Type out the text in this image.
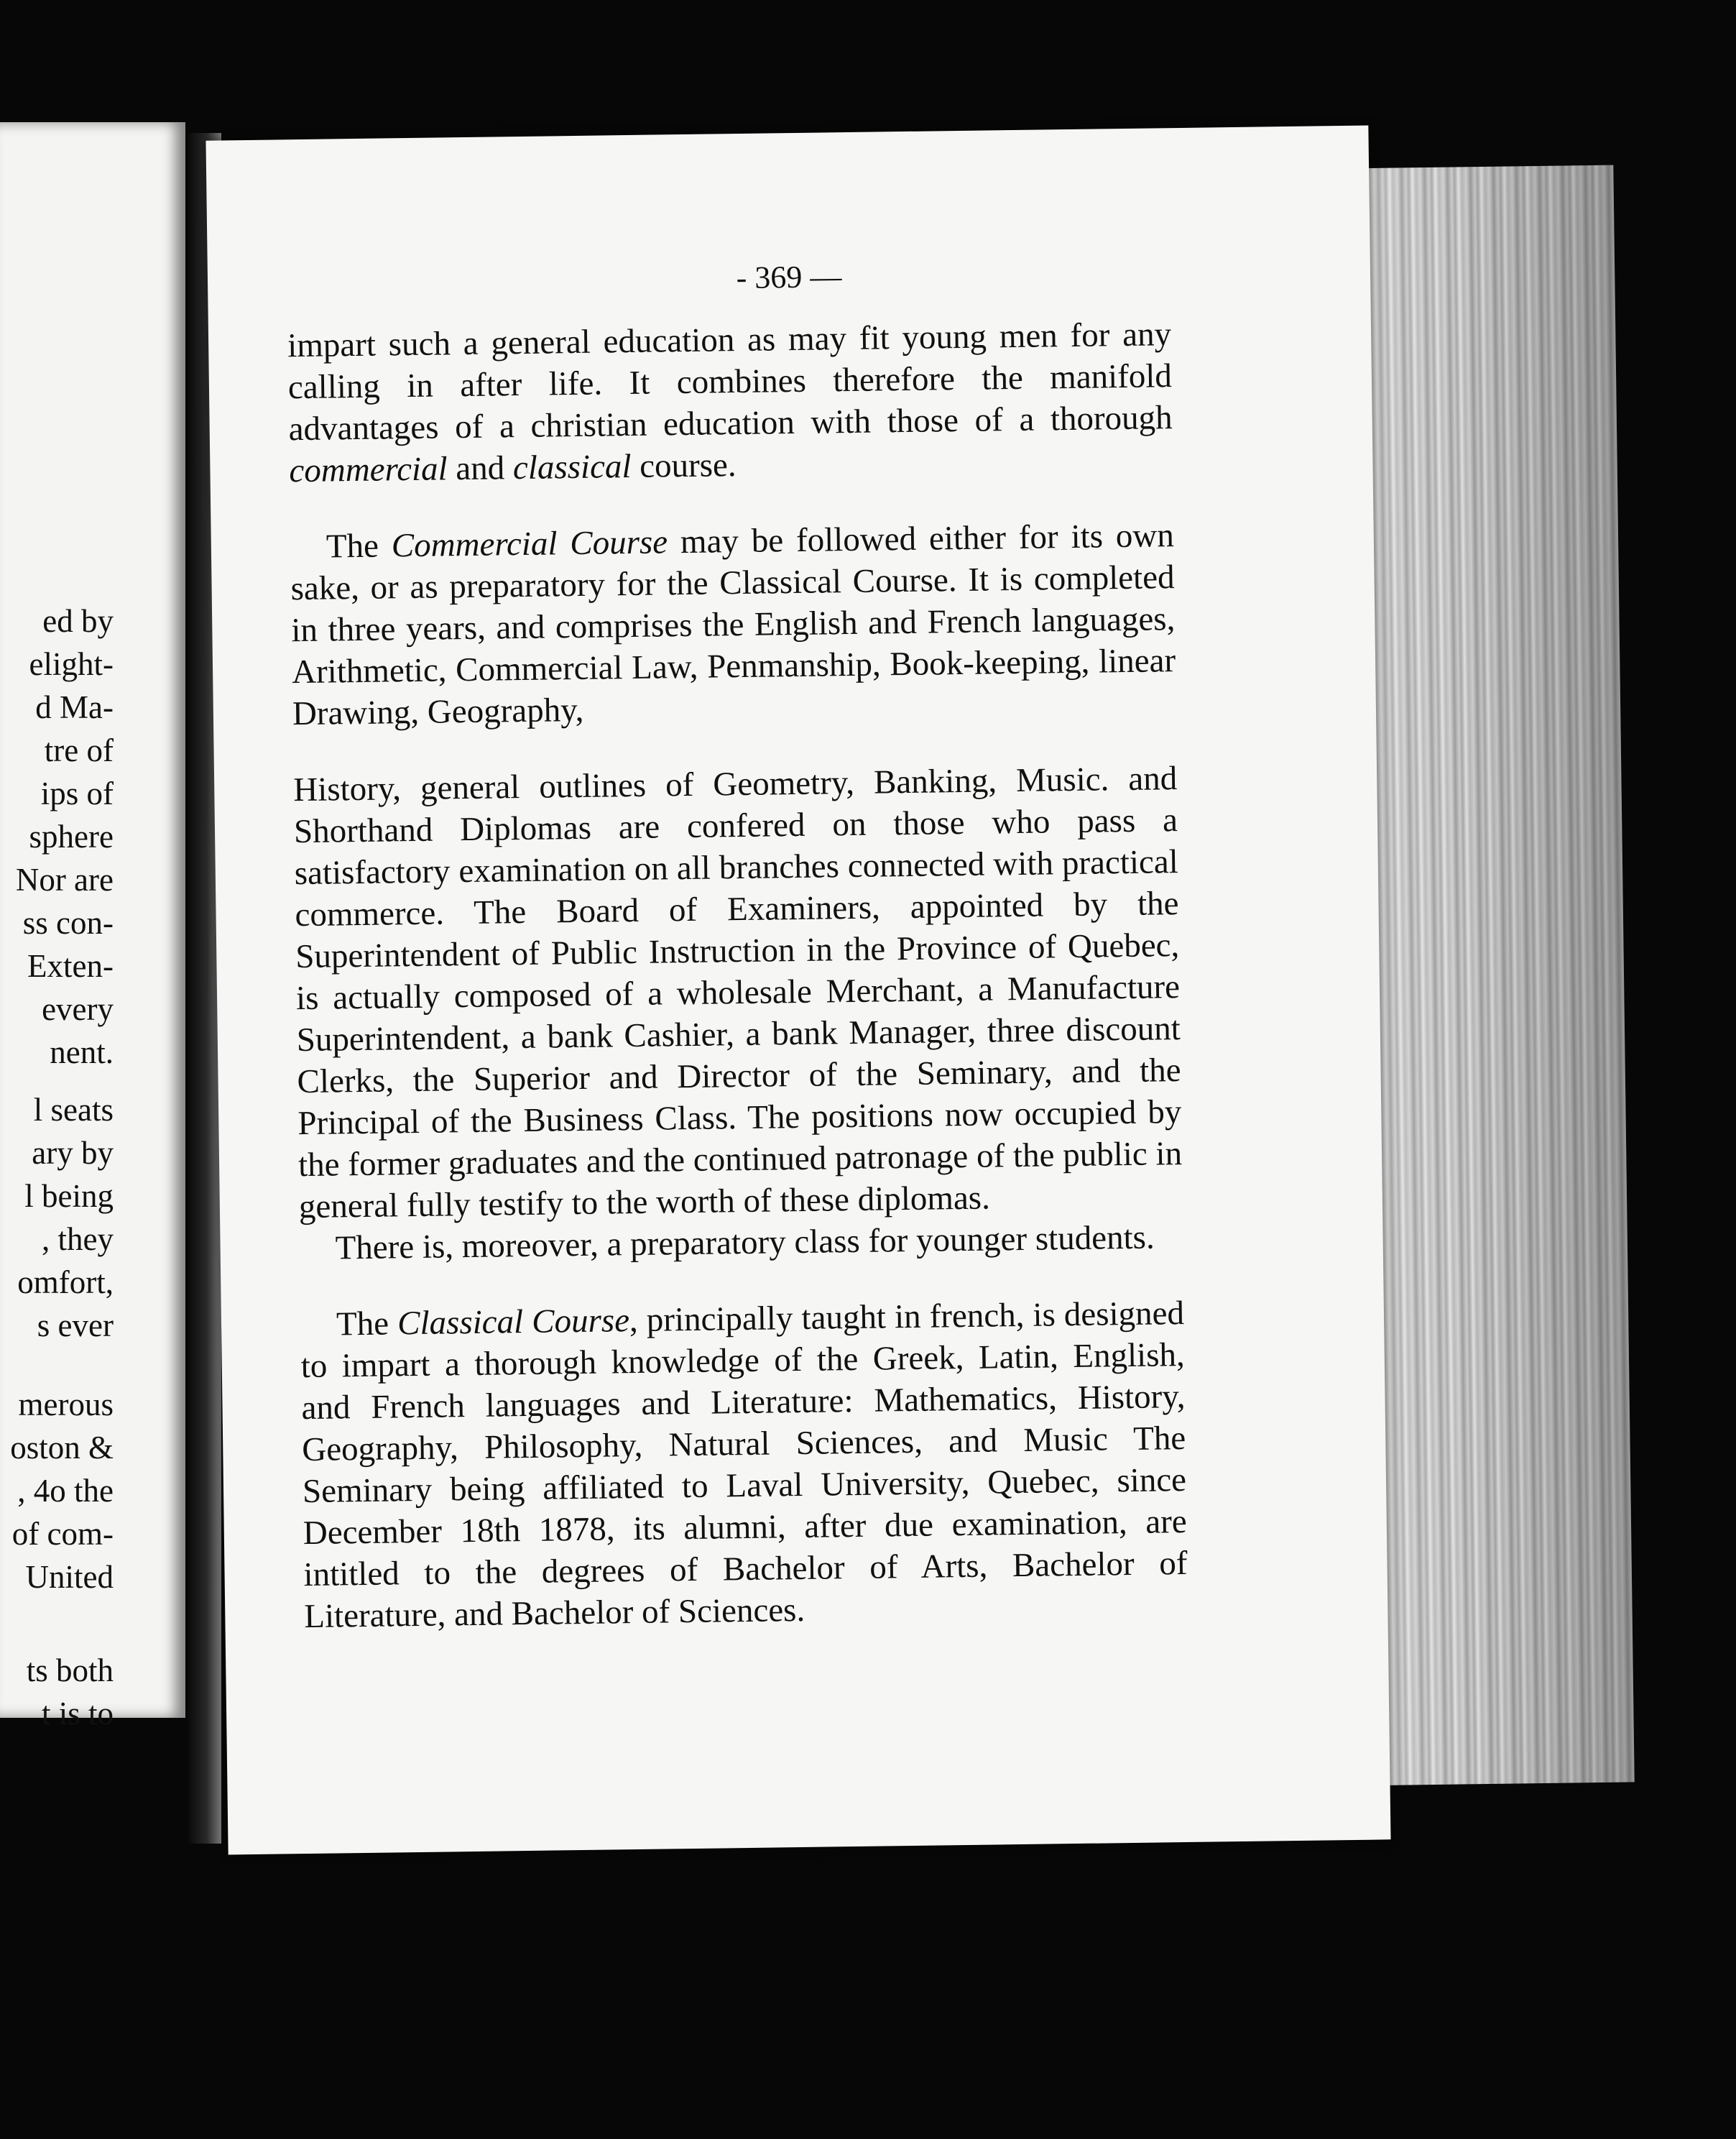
ed by
elight-
d Ma-
tre of
ips of
sphere
Nor are
ss con-
Exten-
every
nent.
l seats
ary by
l being
, they
omfort,
s ever
merous
oston &
, 4o the
of com-
United
ts both
t is to
- 369 —

impart such a general education as may fit young men for any calling in after life. It combines therefore the manifold advantages of a christian education with those of a thorough commercial and classical course.

The Commercial Course may be followed either for its own sake, or as preparatory for the Classical Course. It is completed in three years, and comprises the English and French languages, Arithmetic, Commercial Law, Penmanship, Book-keeping, linear Drawing, Geography,

History, general outlines of Geometry, Banking, Music. and Shorthand Diplomas are confered on those who pass a satisfactory examination on all branches connected with practical commerce. The Board of Examiners, appointed by the Superintendent of Public Instruction in the Province of Quebec, is actually composed of a wholesale Merchant, a Manufacture Superintendent, a bank Cashier, a bank Manager, three discount Clerks, the Superior and Director of the Seminary, and the Principal of the Business Class. The positions now occupied by the former graduates and the continued patronage of the public in general fully testify to the worth of these diplomas.

There is, moreover, a preparatory class for younger students.

The Classical Course, principally taught in french, is designed to impart a thorough knowledge of the Greek, Latin, English, and French languages and Literature: Mathematics, History, Geography, Philosophy, Natural Sciences, and Music The Seminary being affiliated to Laval University, Quebec, since December 18th 1878, its alumni, after due examination, are intitled to the degrees of Bachelor of Arts, Bachelor of Literature, and Bachelor of Sciences.
